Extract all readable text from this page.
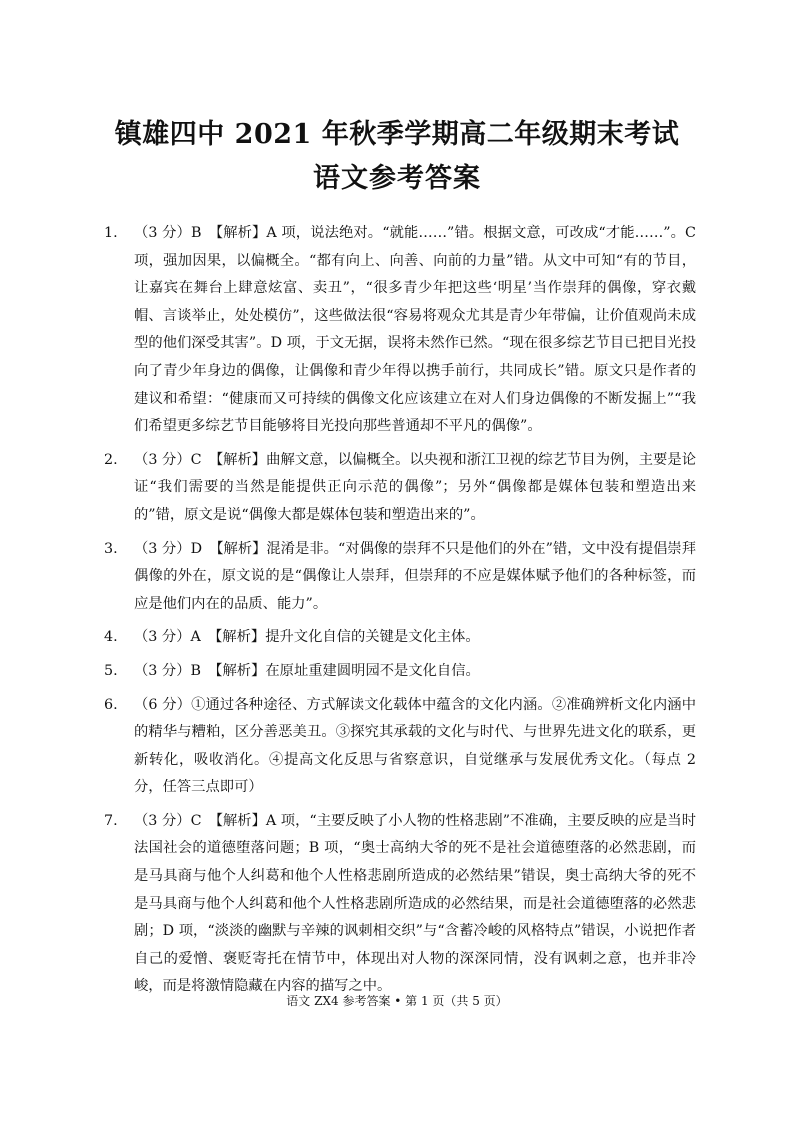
镇雄四中 2021 年秋季学期高二年级期末考试
语文参考答案
1.	（3 分）B　【解析】A 项，说法绝对。“就能……”错。根据文意，可改成“才能……”。C 项，强加因果，以偏概全。“都有向上、向善、向前的力量”错。从文中可知“有的节目，让嘉宾在舞台上肆意炫富、卖丑”，“很多青少年把这些‘明星’当作崇拜的偶像，穿衣戴帽、言谈举止，处处模仿”，这些做法很“容易将观众尤其是青少年带偏，让价值观尚未成型的他们深受其害”。D 项，于文无据，误将未然作已然。“现在很多综艺节目已把目光投向了青少年身边的偶像，让偶像和青少年得以携手前行，共同成长”错。原文只是作者的建议和希望：“健康而又可持续的偶像文化应该建立在对人们身边偶像的不断发掘上”“我们希望更多综艺节目能够将目光投向那些普通却不平凡的偶像”。
2.	（3 分）C　【解析】曲解文意，以偏概全。以央视和浙江卫视的综艺节目为例，主要是论证“我们需要的当然是能提供正向示范的偶像”；另外“偶像都是媒体包装和塑造出来的”错，原文是说“偶像大都是媒体包装和塑造出来的”。
3.	（3 分）D　【解析】混淆是非。“对偶像的崇拜不只是他们的外在”错，文中没有提倡崇拜偶像的外在，原文说的是“偶像让人崇拜，但崇拜的不应是媒体赋予他们的各种标签，而应是他们内在的品质、能力”。
4.	（3 分）A　【解析】提升文化自信的关键是文化主体。
5.	（3 分）B　【解析】在原址重建圆明园不是文化自信。
6.	（6 分）①通过各种途径、方式解读文化载体中蕴含的文化内涵。②准确辨析文化内涵中的精华与糟粕，区分善恶美丑。③探究其承载的文化与时代、与世界先进文化的联系，更新转化，吸收消化。④提高文化反思与省察意识，自觉继承与发展优秀文化。（每点 2 分，任答三点即可）
7.	（3 分）C　【解析】A 项，“主要反映了小人物的性格悲剧”不准确，主要反映的应是当时法国社会的道德堕落问题；B 项，“奥士高纳大爷的死不是社会道德堕落的必然悲剧，而是马具商与他个人纠葛和他个人性格悲剧所造成的必然结果”错误，奥士高纳大爷的死不是马具商与他个人纠葛和他个人性格悲剧所造成的必然结果，而是社会道德堕落的必然悲剧；D 项，“淡淡的幽默与辛辣的讽刺相交织”与“含蓄冷峻的风格特点”错误，小说把作者自己的爱憎、褒贬寄托在情节中，体现出对人物的深深同情，没有讽刺之意，也并非冷峻，而是将激情隐藏在内容的描写之中。
语文 ZX4 参考答案 • 第 1 页（共 5 页）
